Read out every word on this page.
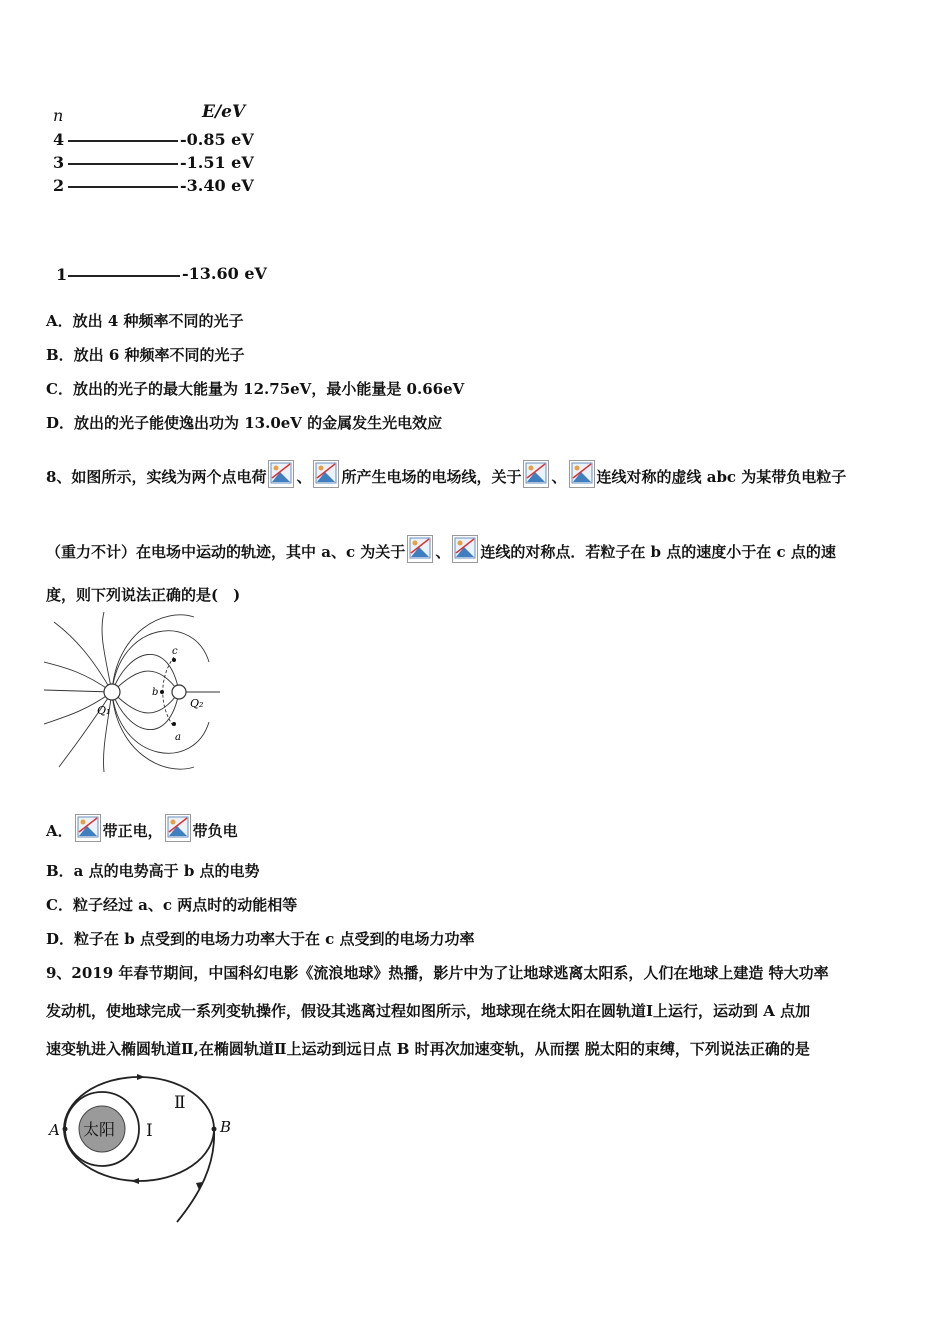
n	E/eV
4	-0.85 eV
3	-1.51 eV
2	-3.40 eV
1	-13.60 eV
A．放出 4 种频率不同的光子
B．放出 6 种频率不同的光子
C．放出的光子的最大能量为 12.75eV，最小能量是 0.66eV
D．放出的光子能使逸出功为 13.0eV 的金属发生光电效应
8、如图所示，实线为两个点电荷 、 所产生电场的电场线，关于 、 连线对称的虚线 abc 为某带负电粒子
（重力不计）在电场中运动的轨迹，其中 a、c 为关于 、 连线的对称点．若粒子在 b 点的速度小于在 c 点的速
度，则下列说法正确的是(　)
Q₁
Q₂
a
b
c
A． 带正电， 带负电
B．a 点的电势高于 b 点的电势
C．粒子经过 a、c 两点时的动能相等
D．粒子在 b 点受到的电场力功率大于在 c 点受到的电场力功率
9、2019 年春节期间，中国科幻电影《流浪地球》热播，影片中为了让地球逃离太阳系，人们在地球上建造 特大功率
发动机，使地球完成一系列变轨操作，假设其逃离过程如图所示，地球现在绕太阳在圆轨道Ⅰ上运行，运动到 A 点加
速变轨进入椭圆轨道Ⅱ,在椭圆轨道Ⅱ上运动到远日点 B 时再次加速变轨，从而摆 脱太阳的束缚，下列说法正确的是
太阳 Ⅰ
Ⅱ
A	B
